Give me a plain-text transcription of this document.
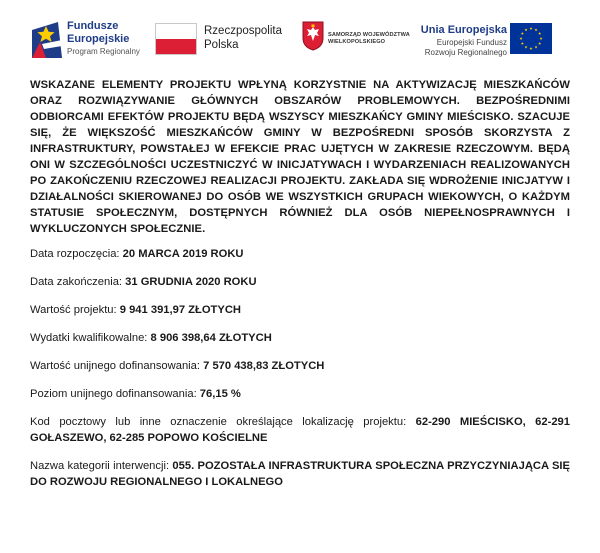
Fundusze
Europejskie
Program Regionalny
Rzeczpospolita
Polska
SAMORZĄD WOJEWÓDZTWA
WIELKOPOLSKIEGO
Unia Europejska
Europejski Fundusz
Rozwoju Regionalnego

WSKAZANE ELEMENTY PROJEKTU WPŁYNĄ KORZYSTNIE NA AKTYWIZACJĘ MIESZKAŃCÓW ORAZ ROZWIĄZYWANIE GŁÓWNYCH OBSZARÓW PROBLEMOWYCH. BEZPOŚREDNIMI ODBIORCAMI EFEKTÓW PROJEKTU BĘDĄ WSZYSCY MIESZKAŃCY GMINY MIEŚCISKO. SZACUJE SIĘ, ŻE WIĘKSZOŚĆ MIESZKAŃCÓW GMINY W BEZPOŚREDNI SPOSÓB SKORZYSTA Z INFRASTRUKTURY, POWSTAŁEJ W EFEKCIE PRAC UJĘTYCH W ZAKRESIE RZECZOWYM. BĘDĄ ONI W SZCZEGÓLNOŚCI UCZESTNICZYĆ W INICJATYWACH I WYDARZENIACH REALIZOWANYCH PO ZAKOŃCZENIU RZECZOWEJ REALIZACJI PROJEKTU. ZAKŁADA SIĘ WDROŻENIE INICJATYW I DZIAŁALNOŚCI SKIEROWANEJ DO OSÓB WE WSZYSTKICH GRUPACH WIEKOWYCH, O KAŻDYM STATUSIE SPOŁECZNYM, DOSTĘPNYCH RÓWNIEŻ DLA OSÓB NIEPEŁNOSPRAWNYCH I WYKLUCZONYCH SPOŁECZNIE.

Data rozpoczęcia: 20 MARCA 2019 ROKU
Data zakończenia: 31 GRUDNIA 2020 ROKU
Wartość projektu: 9 941 391,97 ZŁOTYCH
Wydatki kwalifikowalne: 8 906 398,64 ZŁOTYCH
Wartość unijnego dofinansowania: 7 570 438,83 ZŁOTYCH
Poziom unijnego dofinansowania: 76,15 %
Kod pocztowy lub inne oznaczenie określające lokalizację projektu: 62-290 MIEŚCISKO, 62-291 GOŁASZEWO, 62-285 POPOWO KOŚCIELNE
Nazwa kategorii interwencji: 055. POZOSTAŁA INFRASTRUKTURA SPOŁECZNA PRZYCZYNIAJĄCA SIĘ DO ROZWOJU REGIONALNEGO I LOKALNEGO
